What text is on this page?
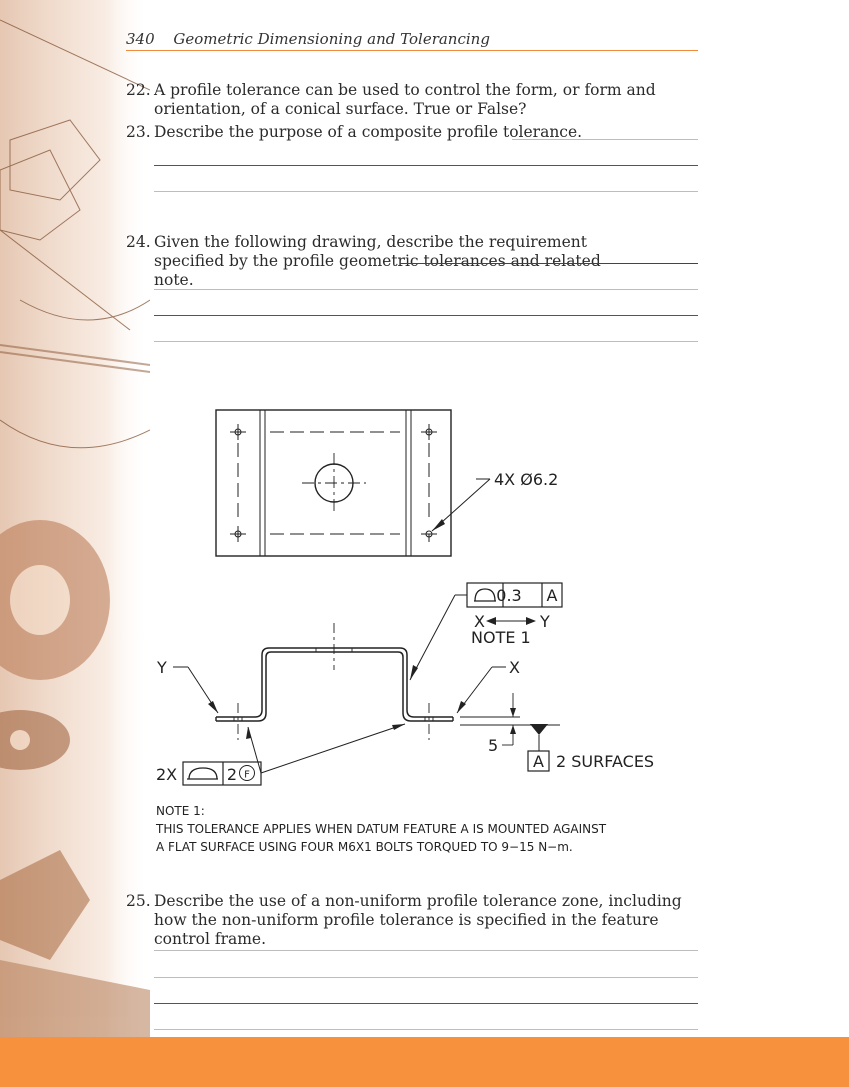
340 Geometric Dimensioning and Tolerancing
22. A profile tolerance can be used to control the form, or form and orientation, of a conical surface. True or False?
23. Describe the purpose of a composite profile tolerance.
24. Given the following drawing, describe the requirement specified by the profile geometric tolerances and related note.
4X Ø6.2
0.3 A
X	Y
NOTE 1
Y	X
2X	2 F
5
A 2 SURFACES
NOTE 1:
THIS TOLERANCE APPLIES WHEN DATUM FEATURE A IS MOUNTED AGAINST
A FLAT SURFACE USING FOUR M6X1 BOLTS TORQUED TO 9−15 N−m.
25. Describe the use of a non-uniform profile tolerance zone, including how the non-uniform profile tolerance is specified in the feature control frame.
